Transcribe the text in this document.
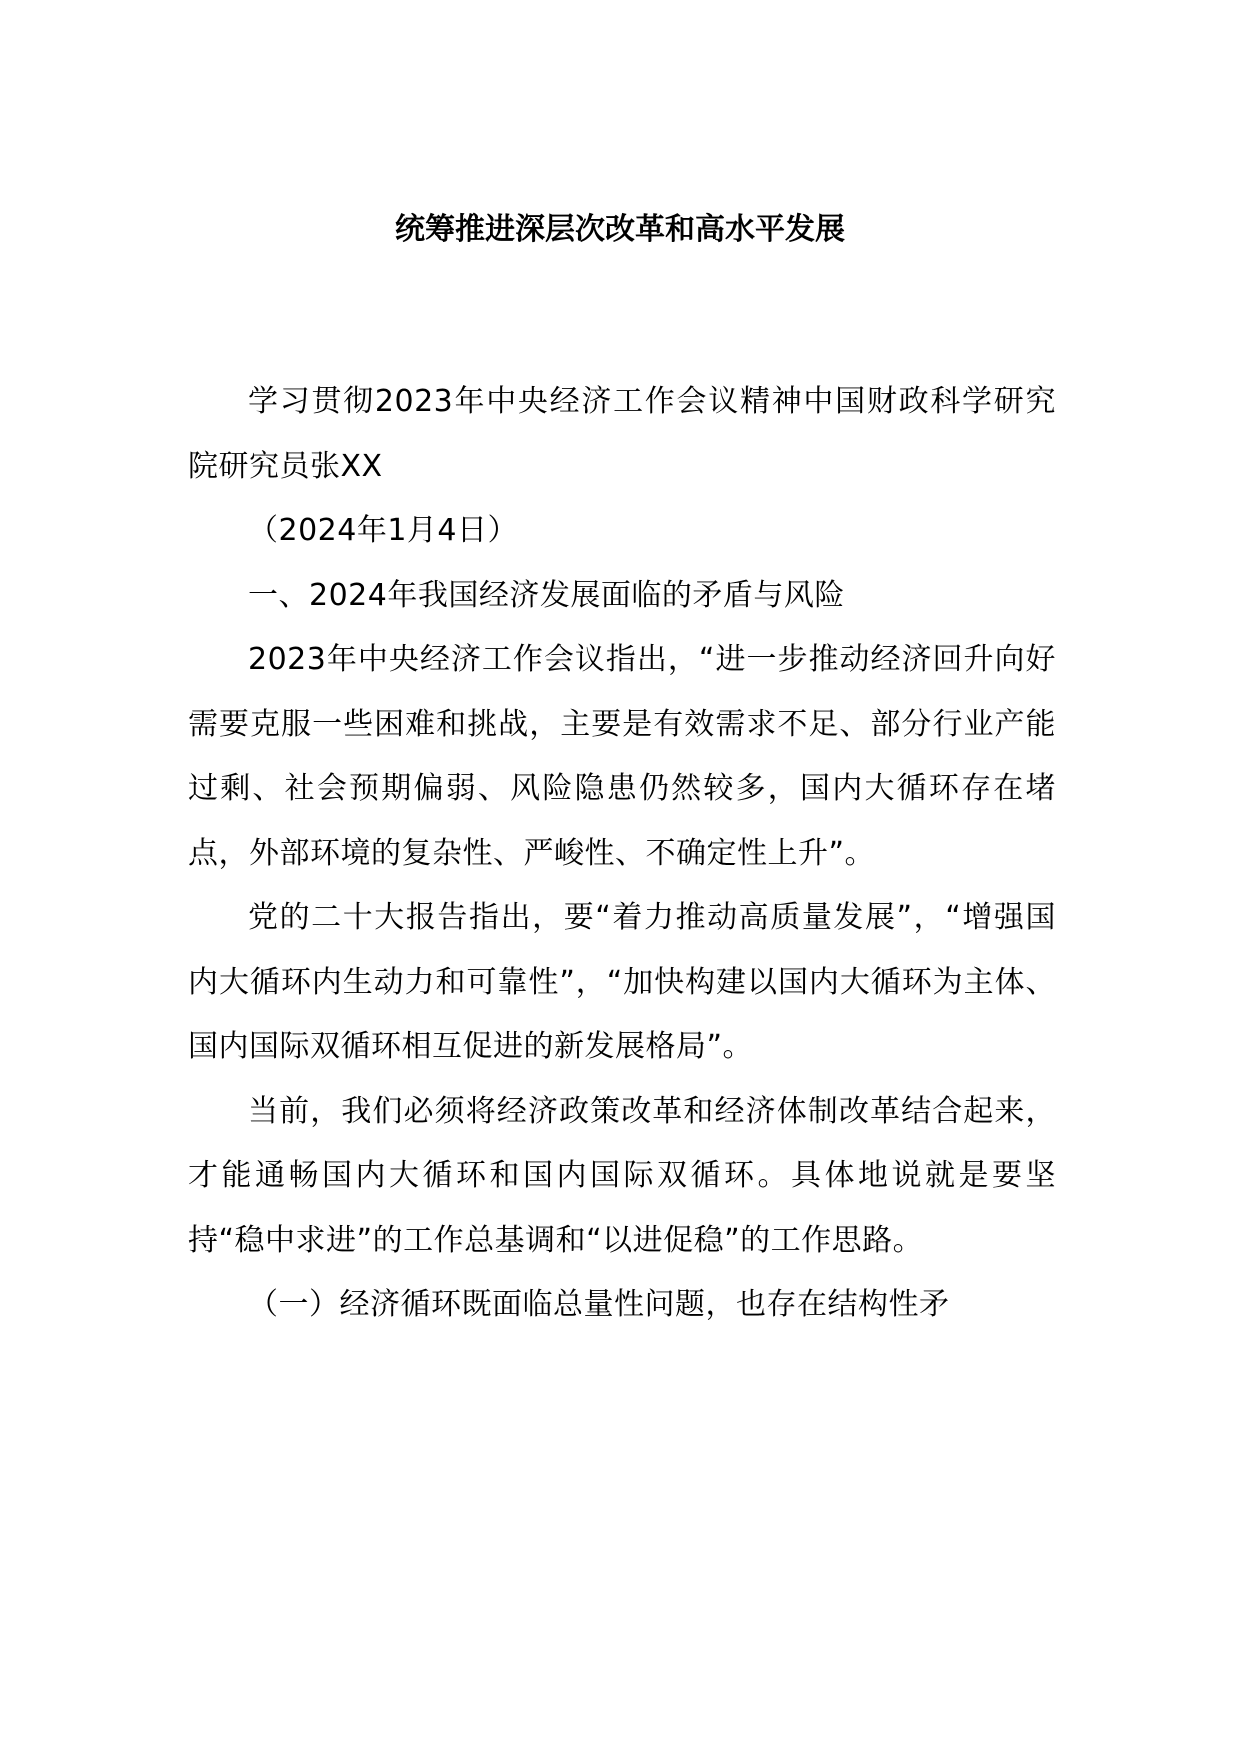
统筹推进深层次改革和高水平发展

学习贯彻2023年中央经济工作会议精神中国财政科学研究院研究员张XX

（2024年1月4日）

一、2024年我国经济发展面临的矛盾与风险

2023年中央经济工作会议指出，“进一步推动经济回升向好需要克服一些困难和挑战，主要是有效需求不足、部分行业产能过剩、社会预期偏弱、风险隐患仍然较多，国内大循环存在堵点，外部环境的复杂性、严峻性、不确定性上升”。

党的二十大报告指出，要“着力推动高质量发展”，“增强国内大循环内生动力和可靠性”，“加快构建以国内大循环为主体、国内国际双循环相互促进的新发展格局”。

当前，我们必须将经济政策改革和经济体制改革结合起来，才能通畅国内大循环和国内国际双循环。具体地说就是要坚持“稳中求进”的工作总基调和“以进促稳”的工作思路。

（一）经济循环既面临总量性问题，也存在结构性矛
